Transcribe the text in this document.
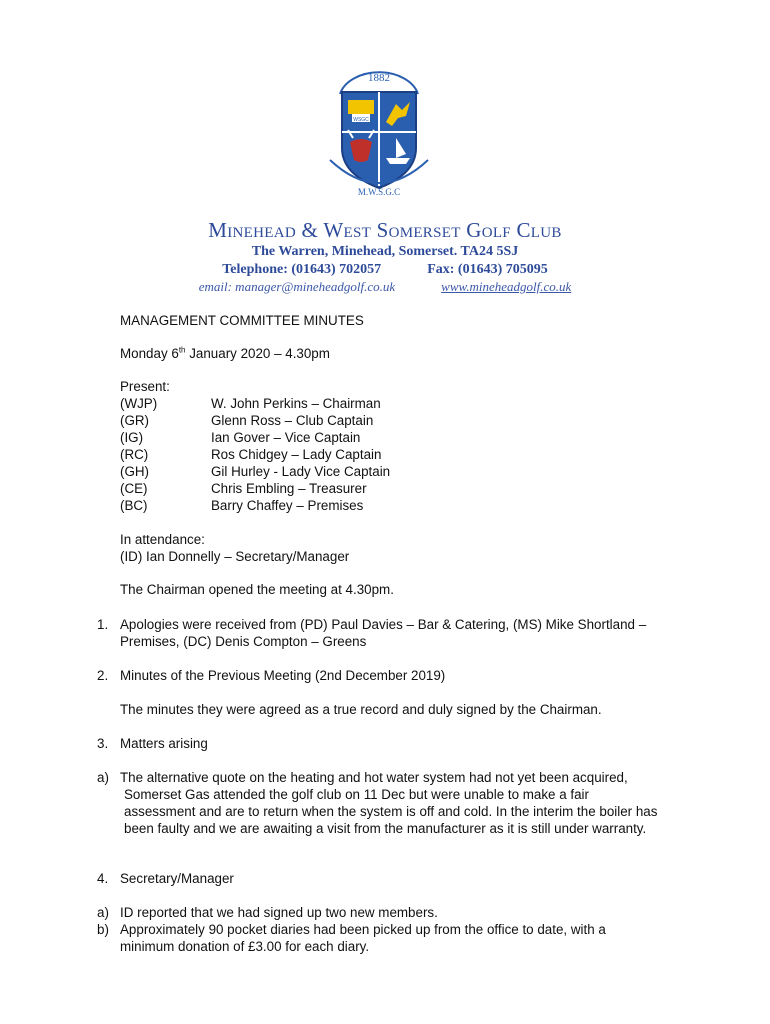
1882
WSGC
M.W.S.G.C
Minehead & West Somerset Golf Club
The Warren, Minehead, Somerset. TA24 5SJ
Telephone: (01643) 702057	Fax: (01643) 705095
email: manager@mineheadgolf.co.uk	www.mineheadgolf.co.uk
MANAGEMENT COMMITTEE MINUTES
Monday 6th January 2020 – 4.30pm
Present:
(WJP)	W. John Perkins – Chairman
(GR)	Glenn Ross – Club Captain
(IG)	Ian Gover – Vice Captain
(RC)	Ros Chidgey – Lady Captain
(GH)	Gil Hurley - Lady Vice Captain
(CE)	Chris Embling – Treasurer
(BC)	Barry Chaffey – Premises
In attendance:
(ID) Ian Donnelly – Secretary/Manager
The Chairman opened the meeting at 4.30pm.
1. Apologies were received from (PD) Paul Davies – Bar & Catering, (MS) Mike Shortland –
Premises, (DC) Denis Compton – Greens
2. Minutes of the Previous Meeting (2nd December 2019)
The minutes they were agreed as a true record and duly signed by the Chairman.
3. Matters arising
a) The alternative quote on the heating and hot water system had not yet been acquired,
Somerset Gas attended the golf club on 11 Dec but were unable to make a fair
assessment and are to return when the system is off and cold. In the interim the boiler has
been faulty and we are awaiting a visit from the manufacturer as it is still under warranty.
4. Secretary/Manager
a) ID reported that we had signed up two new members.
b) Approximately 90 pocket diaries had been picked up from the office to date, with a
minimum donation of £3.00 for each diary.
